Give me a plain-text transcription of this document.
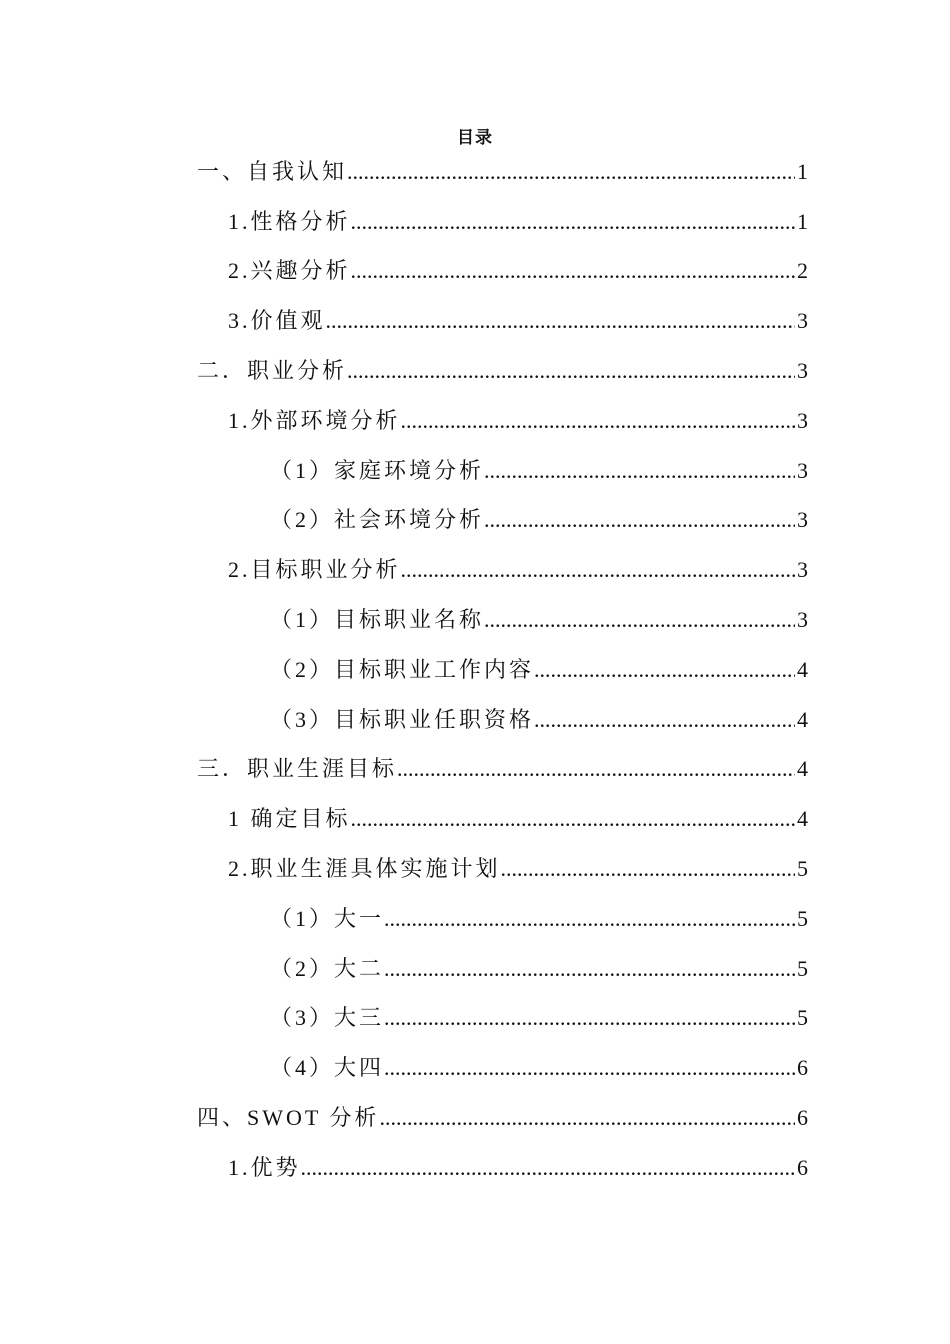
目录
一、自我认知 .....	1
1.性格分析 .....	1
2.兴趣分析 .....	2
3.价值观 .....	3
二．职业分析 .....	3
1.外部环境分析 .....	3
（1）家庭环境分析 .....	3
（2）社会环境分析 .....	3
2.目标职业分析 .....	3
（1）目标职业名称 .....	3
（2）目标职业工作内容 .....	4
（3）目标职业任职资格 .....	4
三．职业生涯目标 .....	4
1 确定目标 .....	4
2.职业生涯具体实施计划 .....	5
（1）大一 .....	5
（2）大二 .....	5
（3）大三 .....	5
（4）大四 .....	6
四、SWOT 分析 .....	6
1.优势 .....	6
